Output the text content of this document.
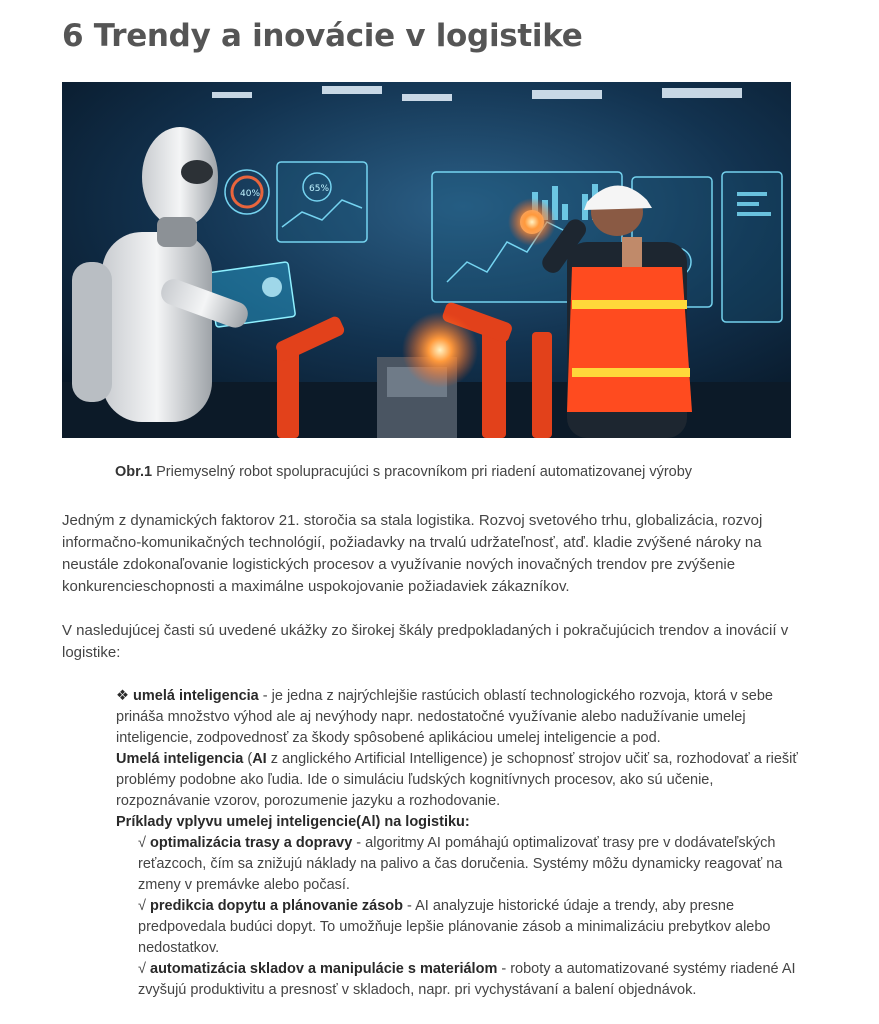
6 Trendy a inovácie v logistike
40%	65%
Obr.1 Priemyselný robot spolupracujúci s pracovníkom pri riadení automatizovanej výroby
Jedným z dynamických faktorov 21. storočia sa stala logistika. Rozvoj svetového trhu, globalizácia, rozvoj informačno-komunikačných technológií, požiadavky na trvalú udržateľnosť, atď. kladie zvýšené nároky na neustále zdokonaľovanie logistických procesov a využívanie nových inovačných trendov pre zvýšenie konkurencieschopnosti a maximálne uspokojovanie požiadaviek zákazníkov.
V nasledujúcej časti sú uvedené ukážky zo širokej škály predpokladaných i pokračujúcich trendov a inovácií v logistike:
❖ umelá inteligencia - je jedna z najrýchlejšie rastúcich oblastí technologického rozvoja, ktorá v sebe prináša množstvo výhod ale aj nevýhody napr. nedostatočné využívanie alebo nadužívanie umelej inteligencie, zodpovednosť za škody spôsobené aplikáciou umelej inteligencie a pod.
Umelá inteligencia (AI z anglického Artificial Intelligence) je schopnosť strojov učiť sa, rozhodovať a riešiť problémy podobne ako ľudia. Ide o simuláciu ľudských kognitívnych procesov, ako sú učenie, rozpoznávanie vzorov, porozumenie jazyku a rozhodovanie.
Príklady vplyvu umelej inteligencie(Al) na logistiku:
√ optimalizácia trasy a dopravy - algoritmy AI pomáhajú optimalizovať trasy pre v dodávateľských reťazcoch, čím sa znižujú náklady na palivo a čas doručenia. Systémy môžu dynamicky reagovať na zmeny v premávke alebo počasí.
√ predikcia dopytu a plánovanie zásob - AI analyzuje historické údaje a trendy, aby presne predpovedala budúci dopyt. To umožňuje lepšie plánovanie zásob a minimalizáciu prebytkov alebo nedostatkov.
√ automatizácia skladov a manipulácie s materiálom - roboty a automatizované systémy riadené AI zvyšujú produktivitu a presnosť v skladoch, napr. pri vychystávaní a balení objednávok.
